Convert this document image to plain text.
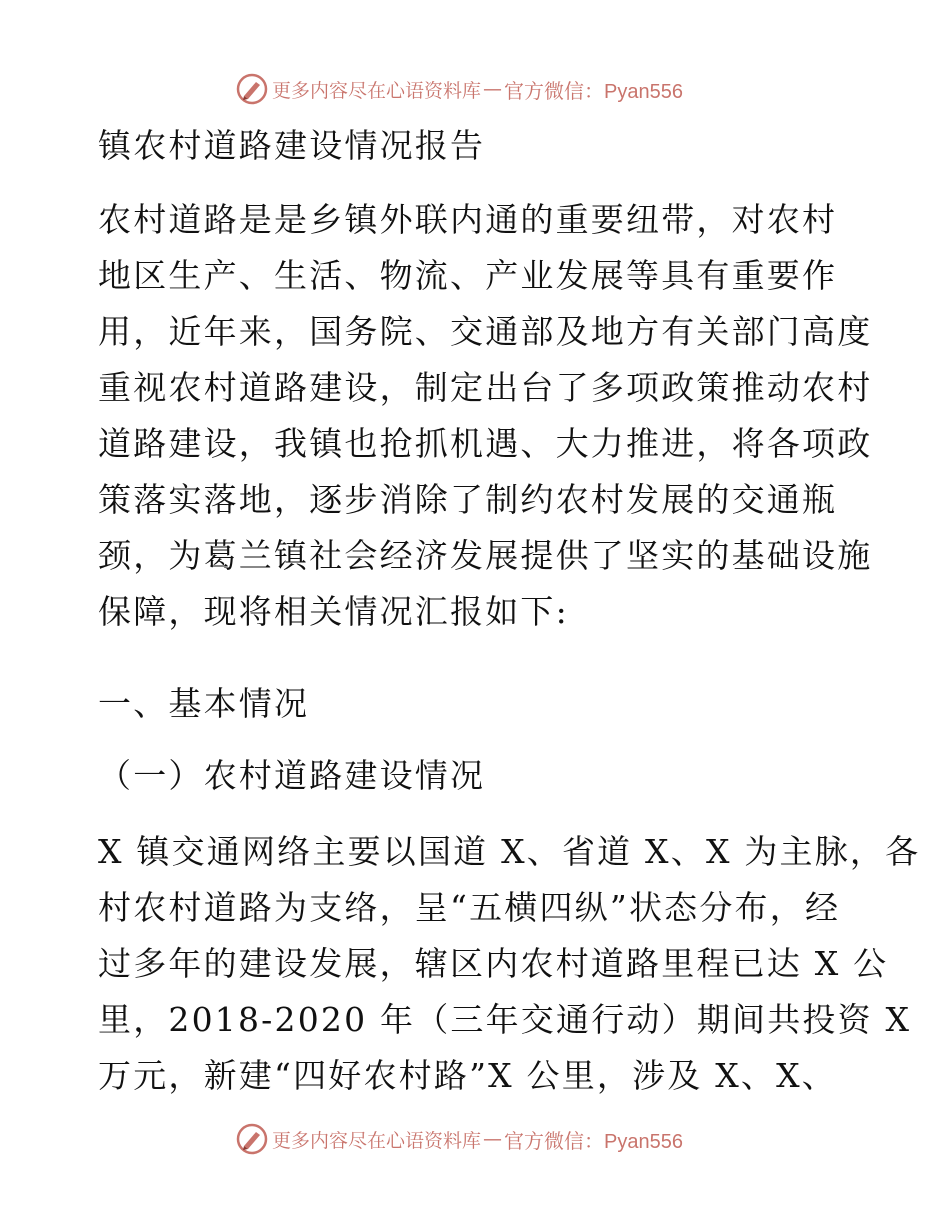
更多内容尽在心语资料库 — 官方微信：Pyan556
镇农村道路建设情况报告
农村道路是是乡镇外联内通的重要纽带，对农村
地区生产、生活、物流、产业发展等具有重要作
用，近年来，国务院、交通部及地方有关部门高度
重视农村道路建设，制定出台了多项政策推动农村
道路建设，我镇也抢抓机遇、大力推进，将各项政
策落实落地，逐步消除了制约农村发展的交通瓶
颈，为葛兰镇社会经济发展提供了坚实的基础设施
保障，现将相关情况汇报如下:
一、基本情况
（一）农村道路建设情况
X 镇交通网络主要以国道 X、省道 X、X 为主脉，各
村农村道路为支络，呈“五横四纵”状态分布，经
过多年的建设发展，辖区内农村道路里程已达 X 公
里，2018-2020 年（三年交通行动）期间共投资 X
万元，新建“四好农村路”X 公里，涉及 X、X、
更多内容尽在心语资料库 — 官方微信：Pyan556
